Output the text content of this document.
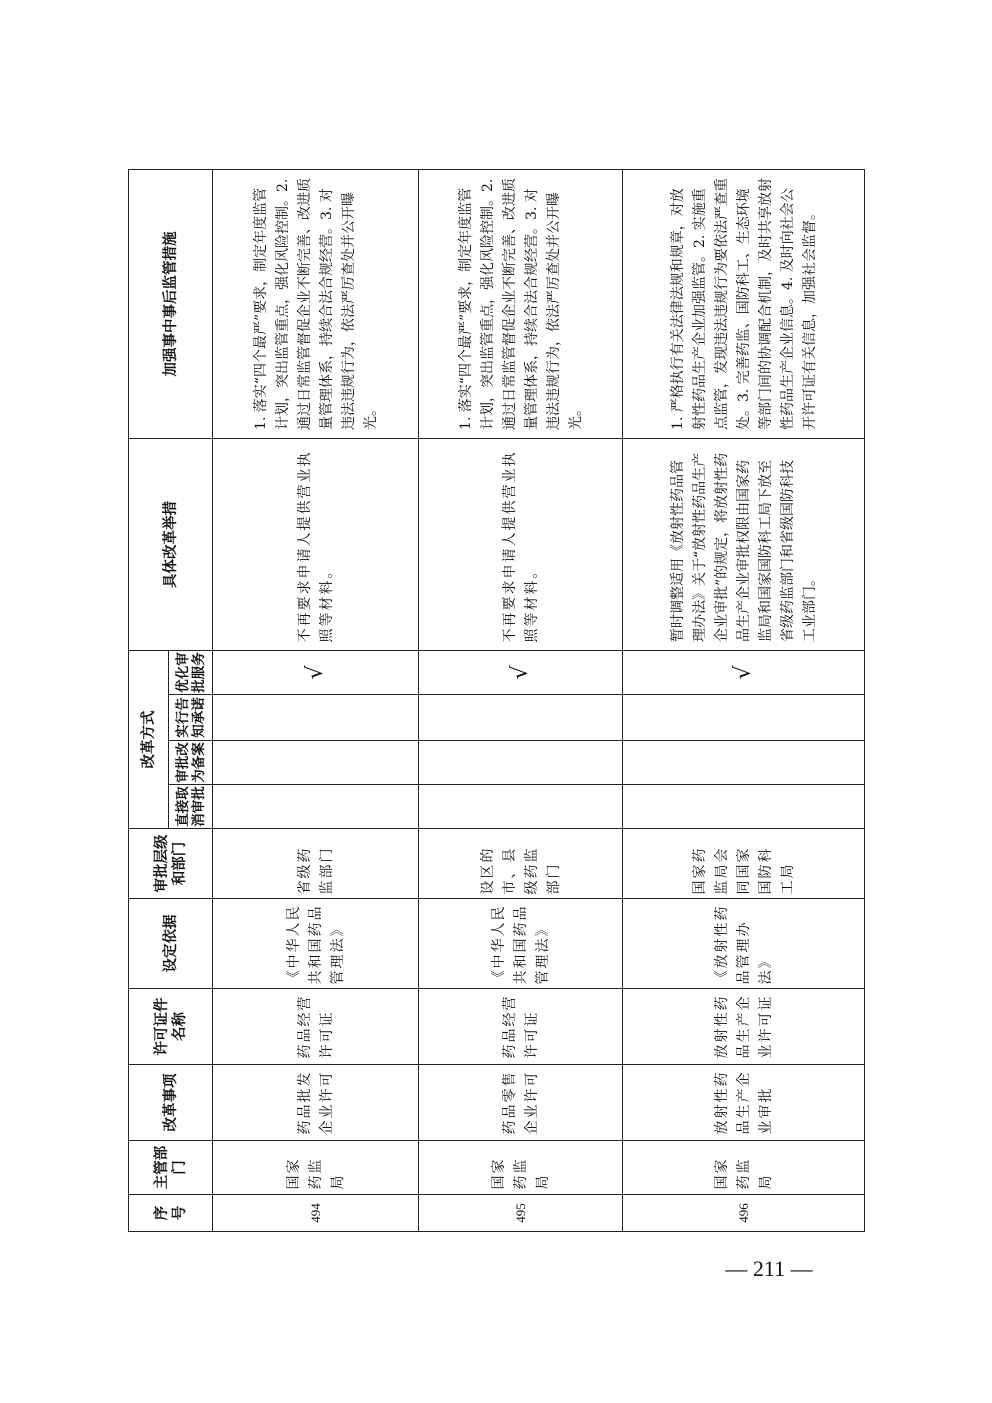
序号	主管部门	改革事项	许可证件名称	设定依据	审批层级和部门	改革方式				具体改革举措	加强事中事后监管措施
						直接取消审批	审批改为备案	实行告知承诺	优化审批服务		
494	国家药监局	药品批发企业许可	药品经营许可证	《中华人民共和国药品管理法》	省级药监部门				√	不再要求申请人提供营业执照等材料。	1. 落实“四个最严”要求，制定年度监管计划，突出监管重点，强化风险控制。2. 通过日常监管督促企业不断完善、改进质量管理体系，持续合法合规经营。3. 对违法违规行为，依法严厉查处并公开曝光。
495	国家药监局	药品零售企业许可	药品经营许可证	《中华人民共和国药品管理法》	设区的市、县级药监部门				√	不再要求申请人提供营业执照等材料。	1. 落实“四个最严”要求，制定年度监管计划，突出监管重点，强化风险控制。2. 通过日常监管督促企业不断完善、改进质量管理体系，持续合法合规经营。3. 对违法违规行为，依法严厉查处并公开曝光。
496	国家药监局	放射性药品生产企业审批	放射性药品生产企业许可证	《放射性药品管理办法》	国家药监局会同国家国防科工局				√	暂时调整适用《放射性药品管理办法》关于“放射性药品生产企业审批”的规定，将放射性药品生产企业审批权限由国家药监局和国家国防科工局下放至省级药监部门和省级国防科技工业部门。	1. 严格执行有关法律法规和规章，对放射性药品生产企业加强监管。2. 实施重点监管，发现违法违规行为要依法严查重处。3. 完善药监、国防科工、生态环境等部门间的协调配合机制，及时共享放射性药品生产企业信息。4. 及时向社会公开许可证有关信息，加强社会监督。
— 211 —
